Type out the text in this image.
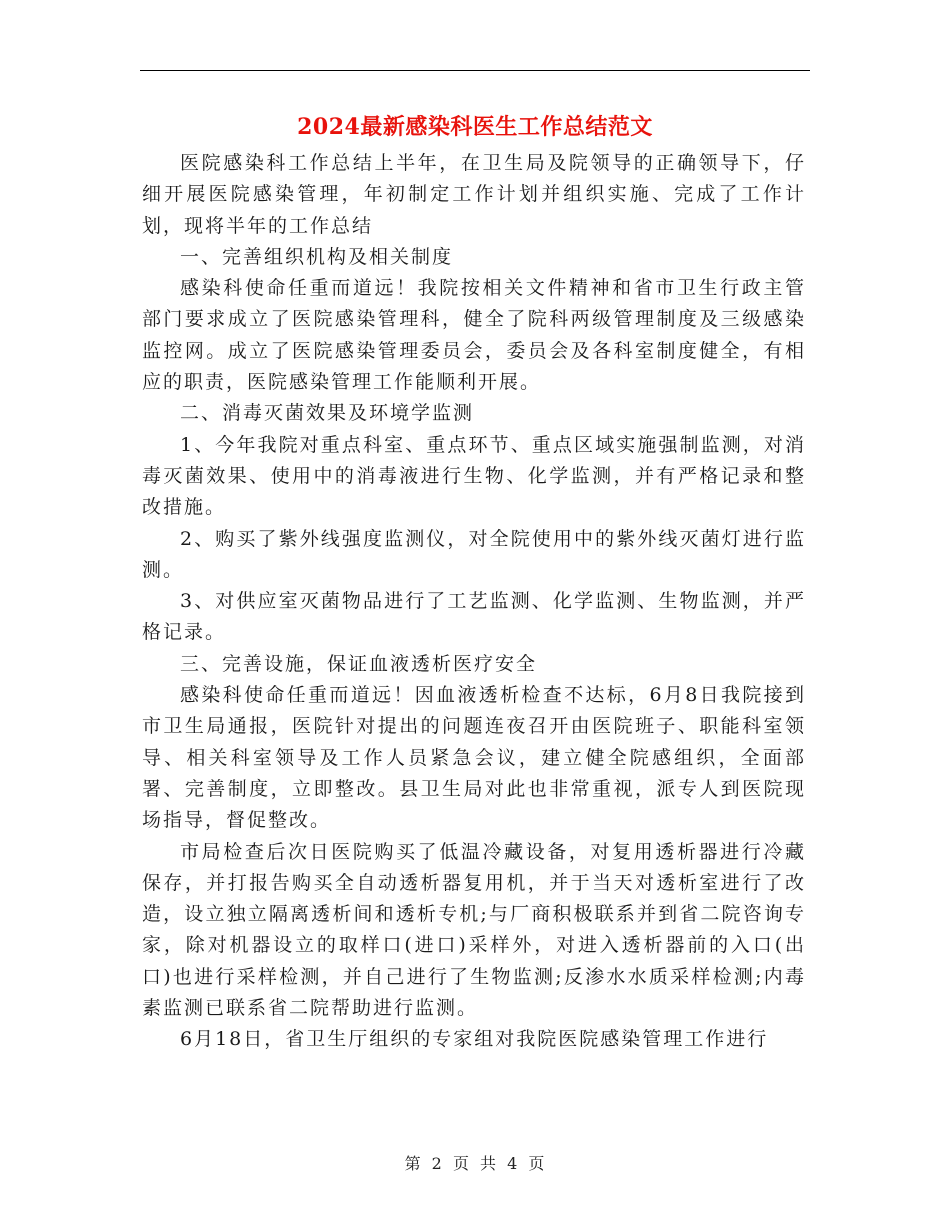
2024最新感染科医生工作总结范文

医院感染科工作总结上半年，在卫生局及院领导的正确领导下，仔细开展医院感染管理，年初制定工作计划并组织实施、完成了工作计划，现将半年的工作总结

一、完善组织机构及相关制度

感染科使命任重而道远！我院按相关文件精神和省市卫生行政主管部门要求成立了医院感染管理科，健全了院科两级管理制度及三级感染监控网。成立了医院感染管理委员会，委员会及各科室制度健全，有相应的职责，医院感染管理工作能顺利开展。

二、消毒灭菌效果及环境学监测

1、今年我院对重点科室、重点环节、重点区域实施强制监测，对消毒灭菌效果、使用中的消毒液进行生物、化学监测，并有严格记录和整改措施。

2、购买了紫外线强度监测仪，对全院使用中的紫外线灭菌灯进行监测。

3、对供应室灭菌物品进行了工艺监测、化学监测、生物监测，并严格记录。

三、完善设施，保证血液透析医疗安全

感染科使命任重而道远！因血液透析检查不达标，6月8日我院接到市卫生局通报，医院针对提出的问题连夜召开由医院班子、职能科室领导、相关科室领导及工作人员紧急会议，建立健全院感组织，全面部署、完善制度，立即整改。县卫生局对此也非常重视，派专人到医院现场指导，督促整改。

市局检查后次日医院购买了低温冷藏设备，对复用透析器进行冷藏保存，并打报告购买全自动透析器复用机，并于当天对透析室进行了改造，设立独立隔离透析间和透析专机;与厂商积极联系并到省二院咨询专家，除对机器设立的取样口(进口)采样外，对进入透析器前的入口(出口)也进行采样检测，并自己进行了生物监测;反渗水水质采样检测;内毒素监测已联系省二院帮助进行监测。

6月18日，省卫生厅组织的专家组对我院医院感染管理工作进行

第 2 页 共 4 页
